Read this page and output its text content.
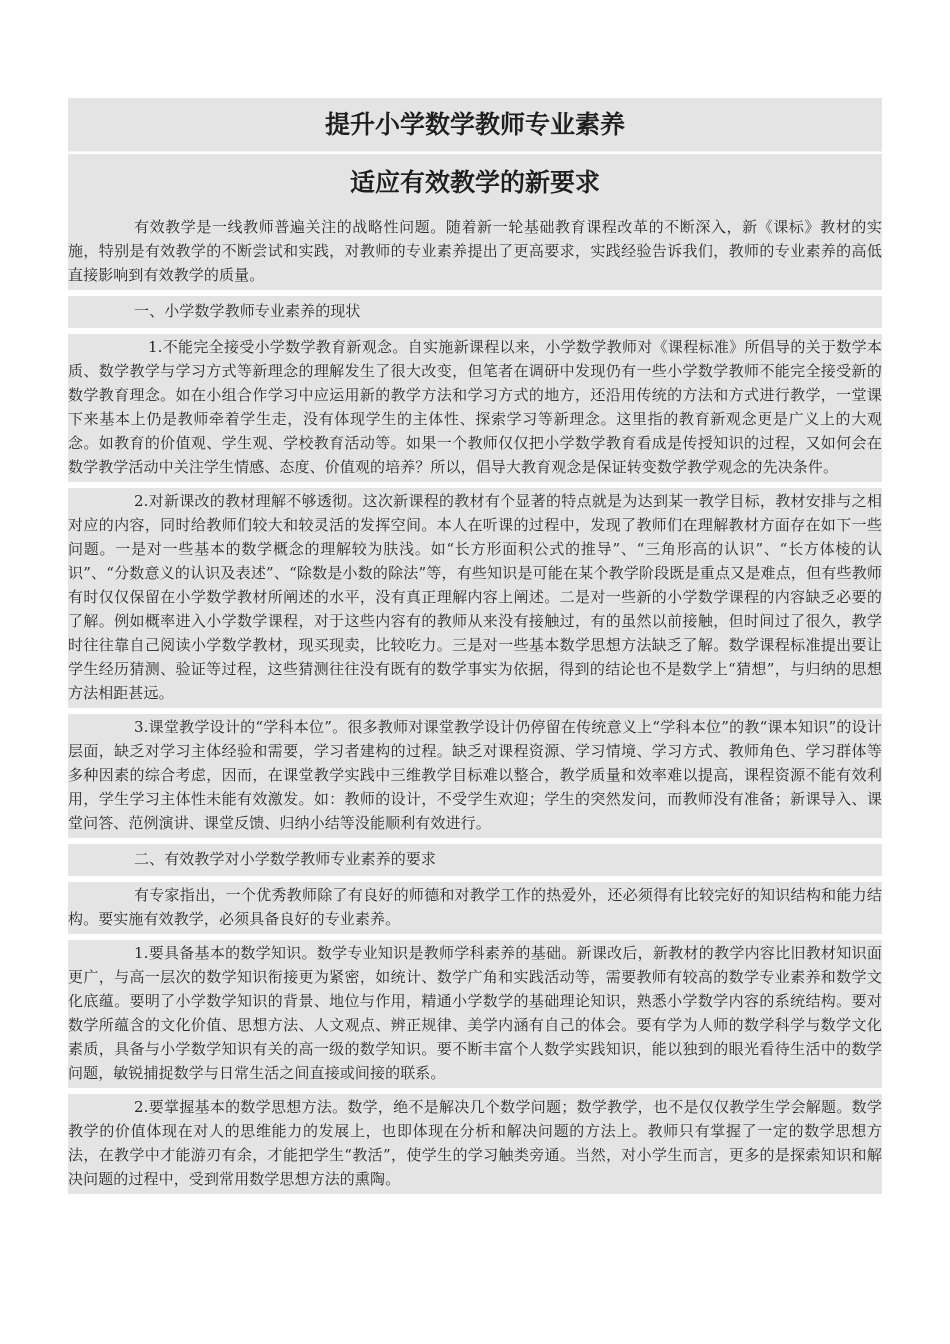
提升小学数学教师专业素养
适应有效教学的新要求
有效教学是一线教师普遍关注的战略性问题。随着新一轮基础教育课程改革的不断深入，新《课标》教材的实施，特别是有效教学的不断尝试和实践，对教师的专业素养提出了更高要求，实践经验告诉我们，教师的专业素养的高低直接影响到有效教学的质量。
一、小学数学教师专业素养的现状
1.不能完全接受小学数学教育新观念。自实施新课程以来，小学数学教师对《课程标准》所倡导的关于数学本质、数学教学与学习方式等新理念的理解发生了很大改变，但笔者在调研中发现仍有一些小学数学教师不能完全接受新的数学教育理念。如在小组合作学习中应运用新的教学方法和学习方式的地方，还沿用传统的方法和方式进行教学，一堂课下来基本上仍是教师牵着学生走，没有体现学生的主体性、探索学习等新理念。这里指的教育新观念更是广义上的大观念。如教育的价值观、学生观、学校教育活动等。如果一个教师仅仅把小学数学教育看成是传授知识的过程，又如何会在数学教学活动中关注学生情感、态度、价值观的培养？所以，倡导大教育观念是保证转变数学教学观念的先决条件。
2.对新课改的教材理解不够透彻。这次新课程的教材有个显著的特点就是为达到某一教学目标，教材安排与之相对应的内容，同时给教师们较大和较灵活的发挥空间。本人在听课的过程中，发现了教师们在理解教材方面存在如下一些问题。一是对一些基本的数学概念的理解较为肤浅。如“长方形面积公式的推导”、“三角形高的认识”、“长方体棱的认识”、“分数意义的认识及表述”、“除数是小数的除法”等，有些知识是可能在某个教学阶段既是重点又是难点，但有些教师有时仅仅保留在小学数学教材所阐述的水平，没有真正理解内容上阐述。二是对一些新的小学数学课程的内容缺乏必要的了解。例如概率进入小学数学课程，对于这些内容有的教师从来没有接触过，有的虽然以前接触，但时间过了很久，教学时往往靠自己阅读小学数学教材，现买现卖，比较吃力。三是对一些基本数学思想方法缺乏了解。数学课程标准提出要让学生经历猜测、验证等过程，这些猜测往往没有既有的数学事实为依据，得到的结论也不是数学上“猜想”，与归纳的思想方法相距甚远。
3.课堂教学设计的“学科本位”。很多教师对课堂教学设计仍停留在传统意义上“学科本位”的教“课本知识”的设计层面，缺乏对学习主体经验和需要，学习者建构的过程。缺乏对课程资源、学习情境、学习方式、教师角色、学习群体等多种因素的综合考虑，因而，在课堂教学实践中三维教学目标难以整合，教学质量和效率难以提高，课程资源不能有效利用，学生学习主体性未能有效激发。如：教师的设计，不受学生欢迎；学生的突然发问，而教师没有准备；新课导入、课堂问答、范例演讲、课堂反馈、归纳小结等没能顺利有效进行。
二、有效教学对小学数学教师专业素养的要求
有专家指出，一个优秀教师除了有良好的师德和对教学工作的热爱外，还必须得有比较完好的知识结构和能力结构。要实施有效教学，必须具备良好的专业素养。
1.要具备基本的数学知识。数学专业知识是教师学科素养的基础。新课改后，新教材的教学内容比旧教材知识面更广，与高一层次的数学知识衔接更为紧密，如统计、数学广角和实践活动等，需要教师有较高的数学专业素养和数学文化底蕴。要明了小学数学知识的背景、地位与作用，精通小学数学的基础理论知识，熟悉小学数学内容的系统结构。要对数学所蕴含的文化价值、思想方法、人文观点、辨正规律、美学内涵有自己的体会。要有学为人师的数学科学与数学文化素质，具备与小学数学知识有关的高一级的数学知识。要不断丰富个人数学实践知识，能以独到的眼光看待生活中的数学问题，敏锐捕捉数学与日常生活之间直接或间接的联系。
2.要掌握基本的数学思想方法。数学，绝不是解决几个数学问题；数学教学，也不是仅仅教学生学会解题。数学教学的价值体现在对人的思维能力的发展上，也即体现在分析和解决问题的方法上。教师只有掌握了一定的数学思想方法，在教学中才能游刃有余，才能把学生“教活”，使学生的学习触类旁通。当然，对小学生而言，更多的是探索知识和解决问题的过程中，受到常用数学思想方法的熏陶。
